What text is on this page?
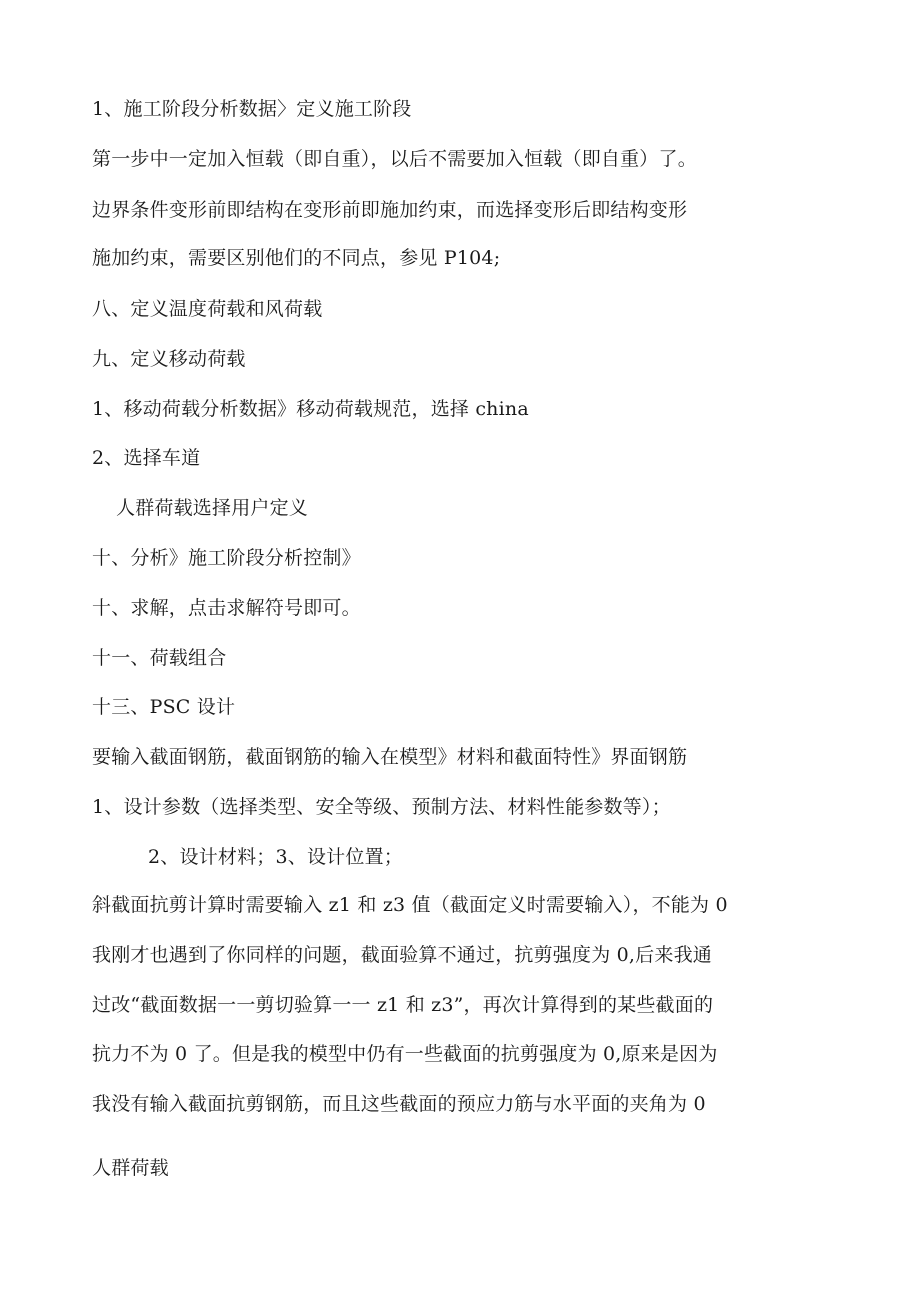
1、施工阶段分析数据〉定义施工阶段
第一步中一定加入恒载（即自重），以后不需要加入恒载（即自重）了。
边界条件变形前即结构在变形前即施加约束，而选择变形后即结构变形
施加约束，需要区别他们的不同点，参见 P104;
八、定义温度荷载和风荷载
九、定义移动荷载
1、移动荷载分析数据》移动荷载规范，选择 china
2、选择车道
人群荷载选择用户定义
十、分析》施工阶段分析控制》
十、求解，点击求解符号即可。
十一、荷载组合
十三、PSC 设计
要输入截面钢筋，截面钢筋的输入在模型》材料和截面特性》界面钢筋
1、设计参数（选择类型、安全等级、预制方法、材料性能参数等）；
2、设计材料；3、设计位置；
斜截面抗剪计算时需要输入 z1 和 z3 值（截面定义时需要输入），不能为 0
我刚才也遇到了你同样的问题，截面验算不通过，抗剪强度为 0,后来我通
过改“截面数据一一剪切验算一一 z1 和 z3”，再次计算得到的某些截面的
抗力不为 0 了。但是我的模型中仍有一些截面的抗剪强度为 0,原来是因为
我没有输入截面抗剪钢筋，而且这些截面的预应力筋与水平面的夹角为 0
人群荷载
